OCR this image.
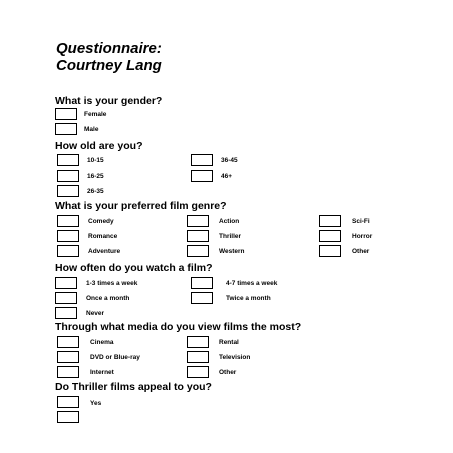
Questionnaire:
Courtney Lang
What is your gender?
Female
Male
How old are you?
10-15
16-25
26-35
36-45
46+
What is your preferred film genre?
Comedy
Romance
Adventure
Action
Thriller
Western
Sci-Fi
Horror
Other
How often do you watch a film?
1-3 times a week
Once a month
Never
4-7 times a week
Twice a month
Through what media do you view films the most?
Cinema
DVD or Blue-ray
Internet
Rental
Television
Other
Do Thriller films appeal to you?
Yes
